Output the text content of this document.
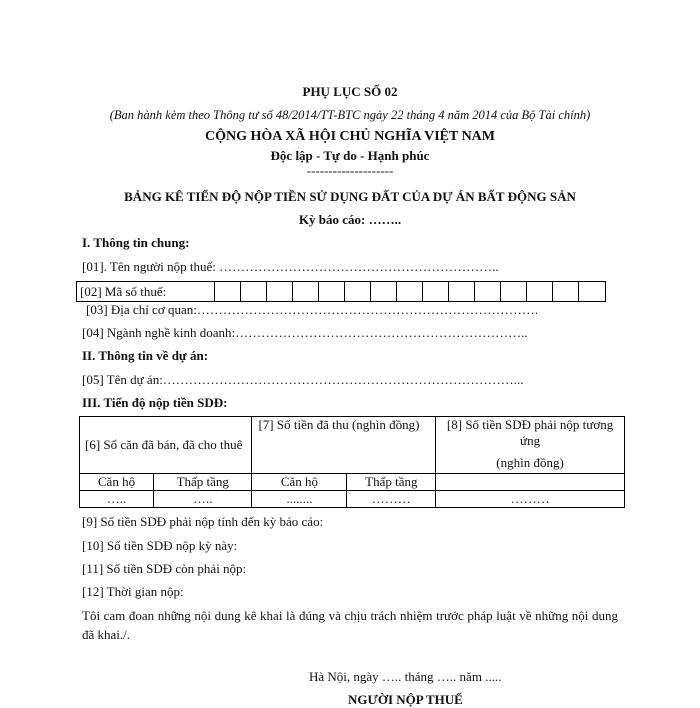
PHỤ LỤC SỐ 02
(Ban hành kèm theo Thông tư số 48/2014/TT-BTC ngày 22 tháng 4 năm 2014 của Bộ Tài chính)
CỘNG HÒA XÃ HỘI CHỦ NGHĨA VIỆT NAM
Độc lập - Tự do - Hạnh phúc
--------------------
BẢNG KÊ TIẾN ĐỘ NỘP TIỀN SỬ DỤNG ĐẤT CỦA DỰ ÁN BẤT ĐỘNG SẢN
Kỳ báo cáo: ……..
I. Thông tin chung:
[01]. Tên người nộp thuế: ………………………………………………………..
[02] Mã số thuế:
[03] Địa chỉ cơ quan:…………………………………………………………………….
[04] Ngành nghề kinh doanh:…………………………………………………………..
II. Thông tin về dự án:
[05] Tên dự án:………………………………………………………………………...
III. Tiến độ nộp tiền SDĐ:
[6] Số căn đã bán, đã cho thuê		[7] Số tiền đã thu (nghìn đồng)		[8] Số tiền SDĐ phải nộp tương ứng
(nghìn đồng)

Căn hộ	Thấp tầng	Căn hộ	Thấp tầng	
…..	…..	........	………	………
[9] Số tiền SDĐ phải nộp tính đến kỳ báo cáo:
[10] Số tiền SDĐ nộp kỳ này:
[11] Số tiền SDĐ còn phải nộp:
[12] Thời gian nộp:
Tôi cam đoan những nội dung kê khai là đúng và chịu trách nhiệm trước pháp luật về những nội dung đã khai./.
Hà Nội, ngày ….. tháng ….. năm .....
NGƯỜI NỘP THUẾ
